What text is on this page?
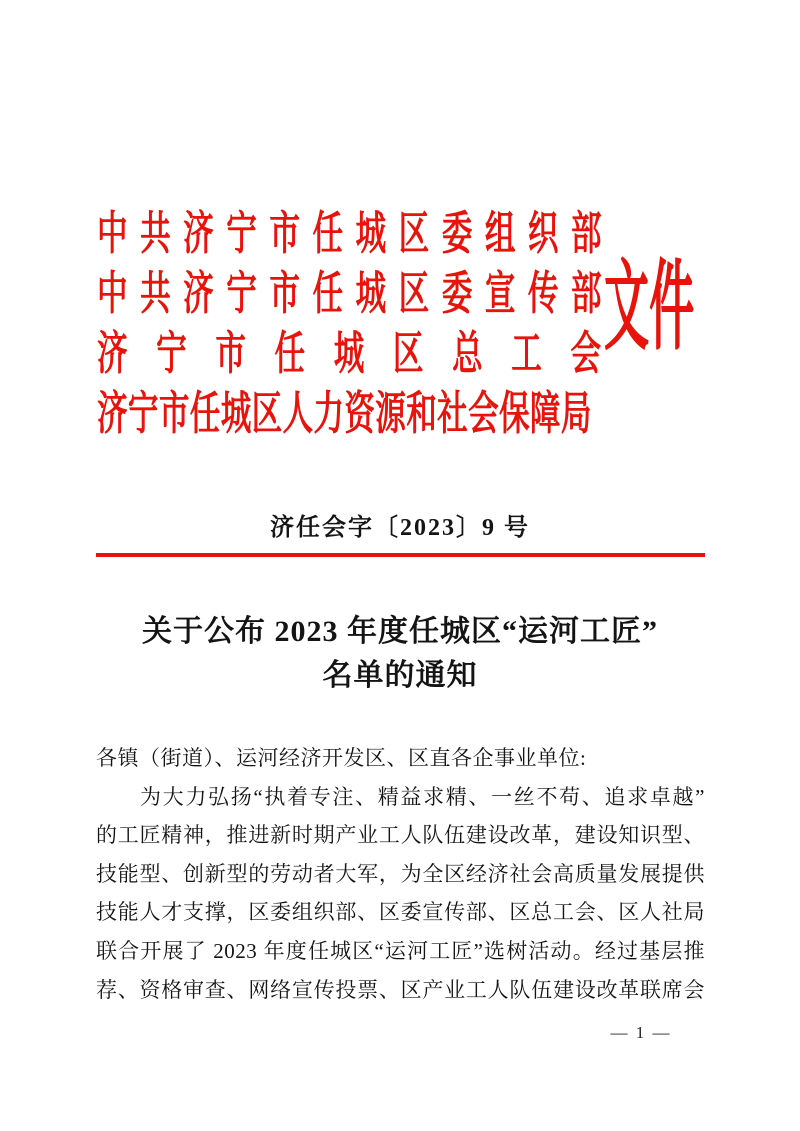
中共济宁市任城区委组织部
中共济宁市任城区委宣传部
济宁市任城区总工会
济宁市任城区人力资源和社会保障局
文件
济任会字〔2023〕9 号
关于公布 2023 年度任城区“运河工匠”
名单的通知
各镇（街道）、运河经济开发区、区直各企事业单位:
为大力弘扬“执着专注、精益求精、一丝不苟、追求卓越”
的工匠精神，推进新时期产业工人队伍建设改革，建设知识型、
技能型、创新型的劳动者大军，为全区经济社会高质量发展提供
技能人才支撑，区委组织部、区委宣传部、区总工会、区人社局
联合开展了 2023 年度任城区“运河工匠”选树活动。经过基层推
荐、资格审查、网络宣传投票、区产业工人队伍建设改革联席会
— 1 —
